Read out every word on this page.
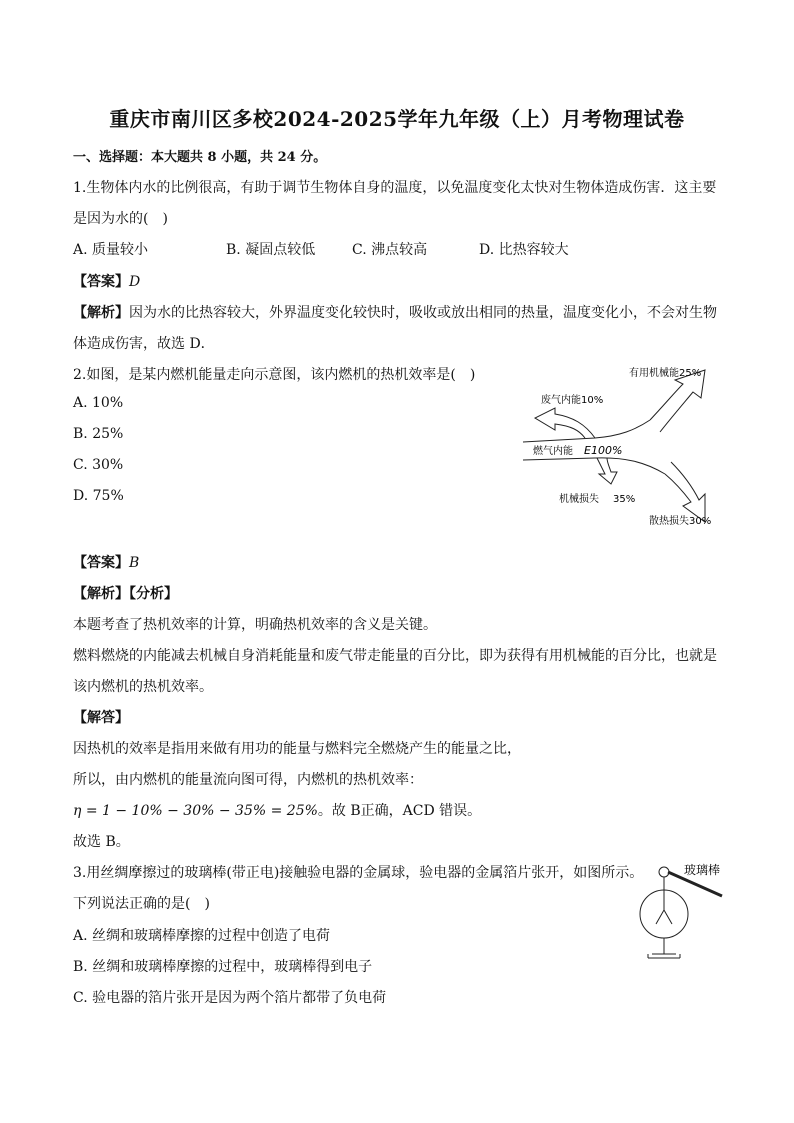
重庆市南川区多校2024-2025学年九年级（上）月考物理试卷
一、选择题：本大题共 8 小题，共 24 分。
1.生物体内水的比例很高，有助于调节生物体自身的温度，以免温度变化太快对生物体造成伤害．这主要
是因为水的(　)
A. 质量较小	B. 凝固点较低	C. 沸点较高	D. 比热容较大
【答案】D
【解析】因为水的比热容较大，外界温度变化较快时，吸收或放出相同的热量，温度变化小，不会对生物
体造成伤害，故选 D．
2.如图，是某内燃机能量走向示意图，该内燃机的热机效率是(　)
A. 10%
B. 25%
C. 30%
D. 75%
有用机械能25%
废气内能10%
燃气内能 E100%
机械损失 35%
散热损失30%
【答案】B
【解析】【分析】
本题考查了热机效率的计算，明确热机效率的含义是关键。
燃料燃烧的内能减去机械自身消耗能量和废气带走能量的百分比，即为获得有用机械能的百分比，也就是
该内燃机的热机效率。
【解答】
因热机的效率是指用来做有用功的能量与燃料完全燃烧产生的能量之比，
所以，由内燃机的能量流向图可得，内燃机的热机效率：
η = 1 − 10% − 30% − 35% = 25%。故 B正确，ACD 错误。
故选 B。
3.用丝绸摩擦过的玻璃棒(带正电)接触验电器的金属球，验电器的金属箔片张开，如图所示。
下列说法正确的是(　)
玻璃棒
A. 丝绸和玻璃棒摩擦的过程中创造了电荷
B. 丝绸和玻璃棒摩擦的过程中，玻璃棒得到电子
C. 验电器的箔片张开是因为两个箔片都带了负电荷
